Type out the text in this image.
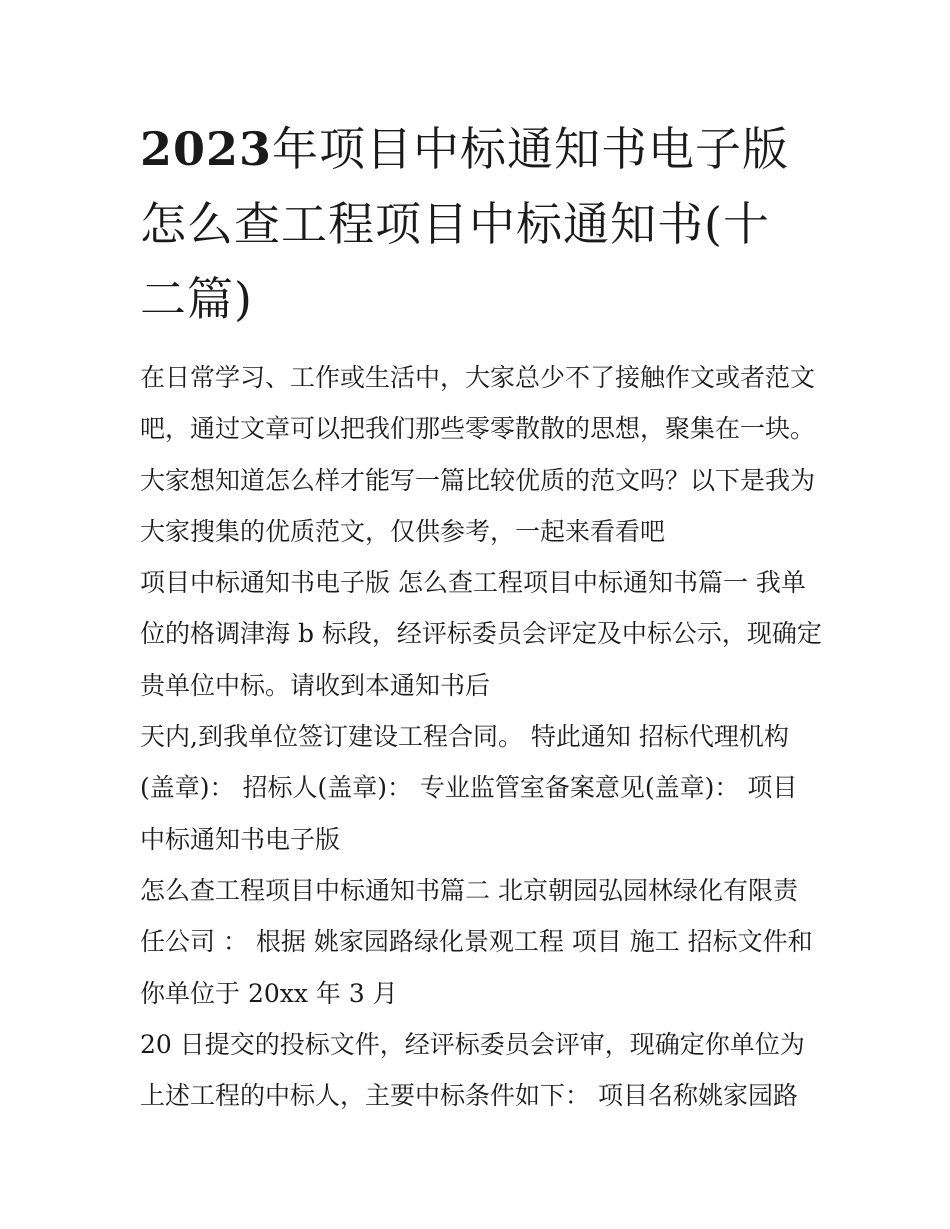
2023年项目中标通知书电子版
怎么查工程项目中标通知书(十
二篇)
在日常学习、工作或生活中，大家总少不了接触作文或者范文
吧，通过文章可以把我们那些零零散散的思想，聚集在一块。
大家想知道怎么样才能写一篇比较优质的范文吗？以下是我为
大家搜集的优质范文，仅供参考，一起来看看吧
项目中标通知书电子版 怎么查工程项目中标通知书篇一 我单
位的格调津海 b 标段，经评标委员会评定及中标公示，现确定
贵单位中标。请收到本通知书后
天内,到我单位签订建设工程合同。 特此通知 招标代理机构
(盖章)： 招标人(盖章)： 专业监管室备案意见(盖章)： 项目
中标通知书电子版
怎么查工程项目中标通知书篇二 北京朝园弘园林绿化有限责
任公司 ： 根据 姚家园路绿化景观工程 项目 施工 招标文件和
你单位于 20xx 年 3 月
20 日提交的投标文件，经评标委员会评审，现确定你单位为
上述工程的中标人，主要中标条件如下： 项目名称姚家园路
